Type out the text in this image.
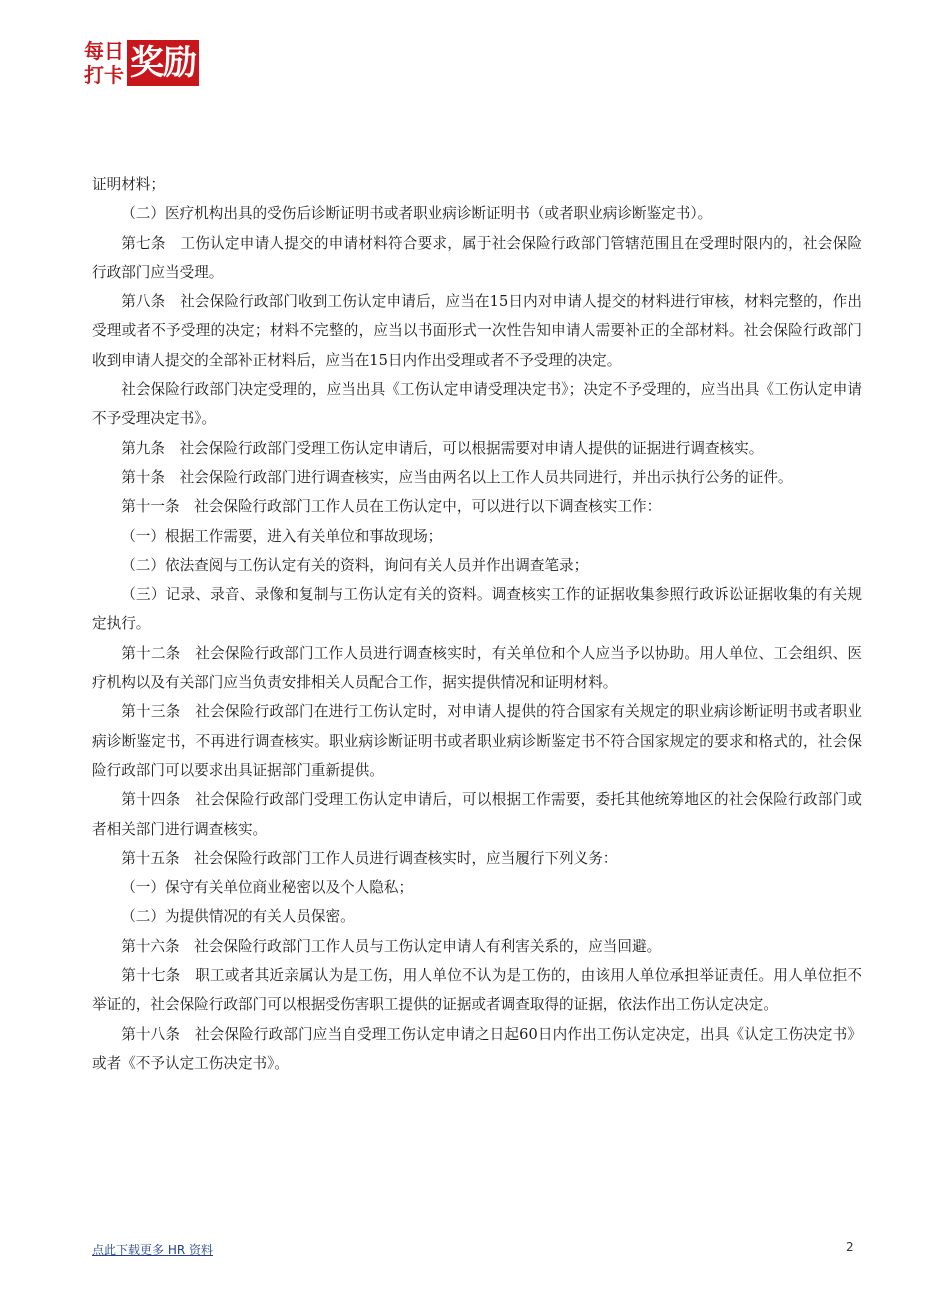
每日
打卡 奖励

证明材料；

（二）医疗机构出具的受伤后诊断证明书或者职业病诊断证明书（或者职业病诊断鉴定书）。

第七条　工伤认定申请人提交的申请材料符合要求，属于社会保险行政部门管辖范围且在受理时限内的，社会保险行政部门应当受理。

第八条　社会保险行政部门收到工伤认定申请后，应当在15日内对申请人提交的材料进行审核，材料完整的，作出受理或者不予受理的决定；材料不完整的，应当以书面形式一次性告知申请人需要补正的全部材料。社会保险行政部门收到申请人提交的全部补正材料后，应当在15日内作出受理或者不予受理的决定。

社会保险行政部门决定受理的，应当出具《工伤认定申请受理决定书》；决定不予受理的，应当出具《工伤认定申请不予受理决定书》。

第九条　社会保险行政部门受理工伤认定申请后，可以根据需要对申请人提供的证据进行调查核实。

第十条　社会保险行政部门进行调查核实，应当由两名以上工作人员共同进行，并出示执行公务的证件。

第十一条　社会保险行政部门工作人员在工伤认定中，可以进行以下调查核实工作：

（一）根据工作需要，进入有关单位和事故现场；

（二）依法查阅与工伤认定有关的资料，询问有关人员并作出调查笔录；

（三）记录、录音、录像和复制与工伤认定有关的资料。调查核实工作的证据收集参照行政诉讼证据收集的有关规定执行。

第十二条　社会保险行政部门工作人员进行调查核实时，有关单位和个人应当予以协助。用人单位、工会组织、医疗机构以及有关部门应当负责安排相关人员配合工作，据实提供情况和证明材料。

第十三条　社会保险行政部门在进行工伤认定时，对申请人提供的符合国家有关规定的职业病诊断证明书或者职业病诊断鉴定书，不再进行调查核实。职业病诊断证明书或者职业病诊断鉴定书不符合国家规定的要求和格式的，社会保险行政部门可以要求出具证据部门重新提供。

第十四条　社会保险行政部门受理工伤认定申请后，可以根据工作需要，委托其他统筹地区的社会保险行政部门或者相关部门进行调查核实。

第十五条　社会保险行政部门工作人员进行调查核实时，应当履行下列义务：

（一）保守有关单位商业秘密以及个人隐私；

（二）为提供情况的有关人员保密。

第十六条　社会保险行政部门工作人员与工伤认定申请人有利害关系的，应当回避。

第十七条　职工或者其近亲属认为是工伤，用人单位不认为是工伤的，由该用人单位承担举证责任。用人单位拒不举证的，社会保险行政部门可以根据受伤害职工提供的证据或者调查取得的证据，依法作出工伤认定决定。

第十八条　社会保险行政部门应当自受理工伤认定申请之日起60日内作出工伤认定决定，出具《认定工伤决定书》或者《不予认定工伤决定书》。

点此下载更多 HR 资料	2
